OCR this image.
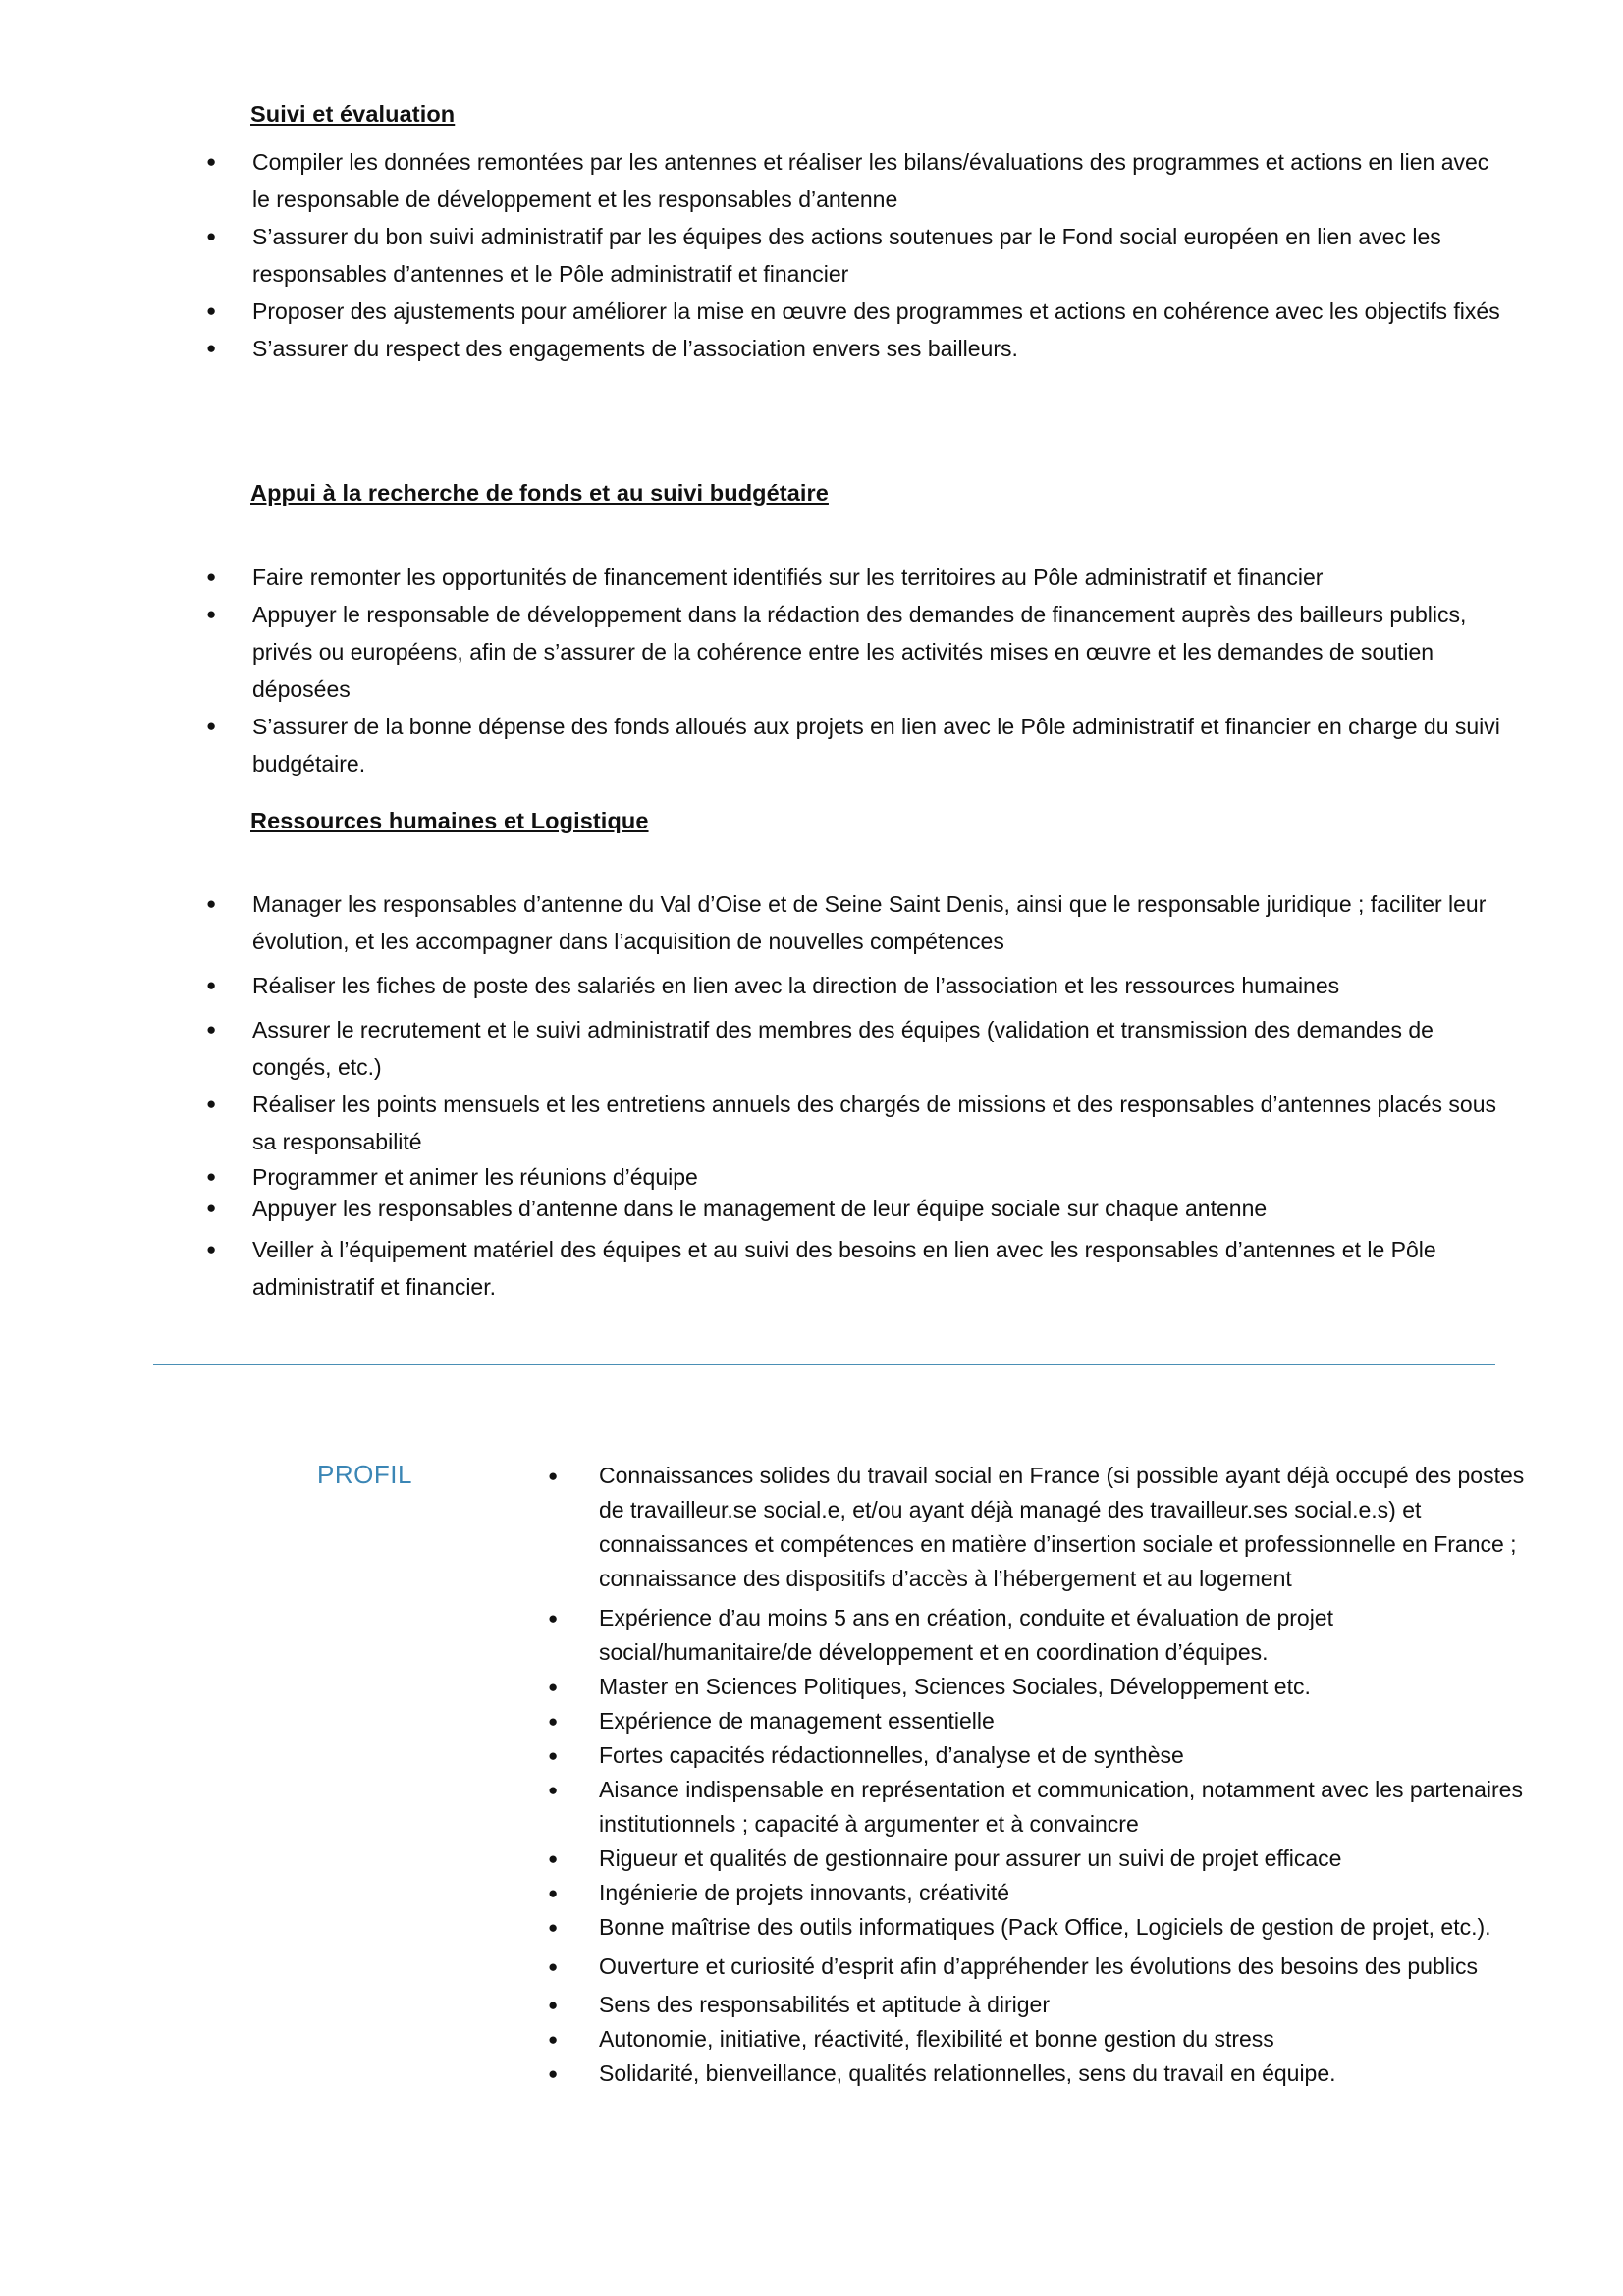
Suivi et évaluation
● Compiler les données remontées par les antennes et réaliser les bilans/évaluations des programmes et actions en lien avec le responsable de développement et les responsables d’antenne
● S’assurer du bon suivi administratif par les équipes des actions soutenues par le Fond social européen en lien avec les responsables d’antennes et le Pôle administratif et financier
● Proposer des ajustements pour améliorer la mise en œuvre des programmes et actions en cohérence avec les objectifs fixés
● S’assurer du respect des engagements de l’association envers ses bailleurs.
Appui à la recherche de fonds et au suivi budgétaire
● Faire remonter les opportunités de financement identifiés sur les territoires au Pôle administratif et financier
● Appuyer le responsable de développement dans la rédaction des demandes de financement auprès des bailleurs publics, privés ou européens, afin de s’assurer de la cohérence entre les activités mises en œuvre et les demandes de soutien déposées
● S’assurer de la bonne dépense des fonds alloués aux projets en lien avec le Pôle administratif et financier en charge du suivi budgétaire.
Ressources humaines et Logistique
● Manager les responsables d’antenne du Val d’Oise et de Seine Saint Denis, ainsi que le responsable juridique ; faciliter leur évolution, et les accompagner dans l’acquisition de nouvelles compétences
● Réaliser les fiches de poste des salariés en lien avec la direction de l’association et les ressources humaines
● Assurer le recrutement et le suivi administratif des membres des équipes (validation et transmission des demandes de congés, etc.)
● Réaliser les points mensuels et les entretiens annuels des chargés de missions et des responsables d’antennes placés sous sa responsabilité
● Programmer et animer les réunions d’équipe
● Appuyer les responsables d’antenne dans le management de leur équipe sociale sur chaque antenne
● Veiller à l’équipement matériel des équipes et au suivi des besoins en lien avec les responsables d’antennes et le Pôle administratif et financier.
PROFIL
●	Connaissances solides du travail social en France (si possible ayant déjà occupé des postes de travailleur.se social.e, et/ou ayant déjà managé des travailleur.ses social.e.s) et connaissances et compétences en matière d’insertion sociale et professionnelle en France ; connaissance des dispositifs d’accès à l’hébergement et au logement
● Expérience d’au moins 5 ans en création, conduite et évaluation de projet social/humanitaire/de développement et en coordination d’équipes.
● Master en Sciences Politiques, Sciences Sociales, Développement etc.
● Expérience de management essentielle
● Fortes capacités rédactionnelles, d’analyse et de synthèse
● Aisance indispensable en représentation et communication, notamment avec les partenaires institutionnels ; capacité à argumenter et à convaincre
● Rigueur et qualités de gestionnaire pour assurer un suivi de projet efficace
● Ingénierie de projets innovants, créativité
● Bonne maîtrise des outils informatiques (Pack Office, Logiciels de gestion de projet, etc.).
● Ouverture et curiosité d’esprit afin d’appréhender les évolutions des besoins des publics
● Sens des responsabilités et aptitude à diriger
● Autonomie, initiative, réactivité, flexibilité et bonne gestion du stress
● Solidarité, bienveillance, qualités relationnelles, sens du travail en équipe.
